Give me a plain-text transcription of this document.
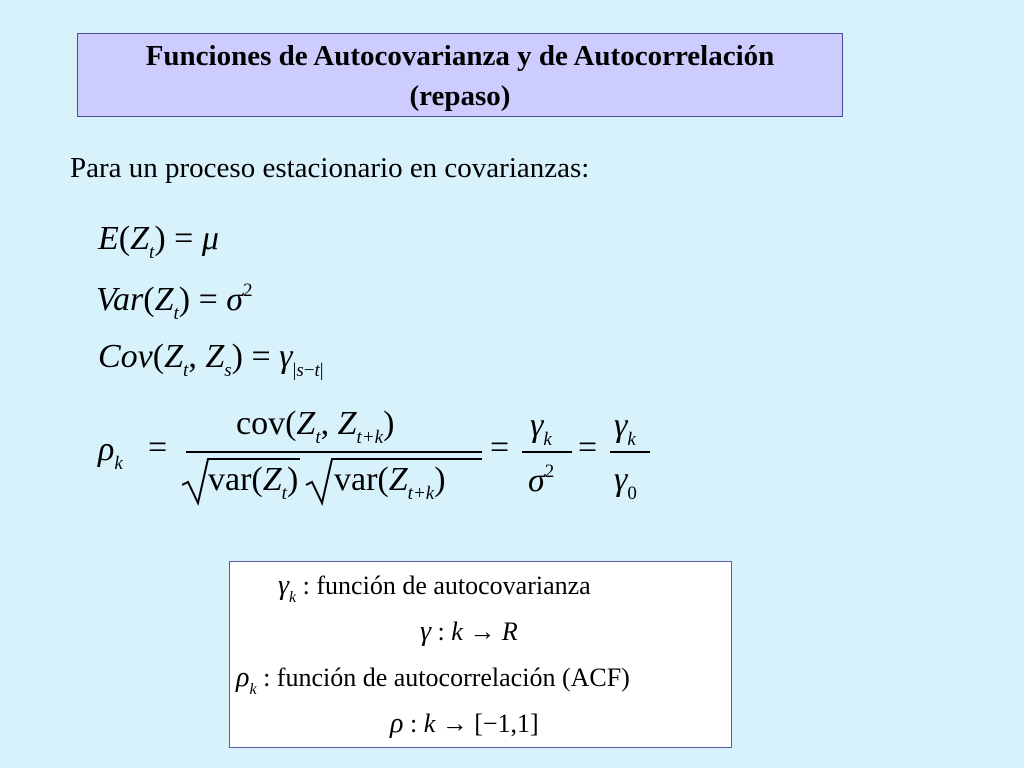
Funciones de Autocovarianza y de Autocorrelación
(repaso)
Para un proceso estacionario en covarianzas:
$E(Z_t) = \mu$
$Var(Z_t) = \sigma^2$
$Cov(Z_t$, $Z_s) = \gamma_{|s-t|}$
$\rho_k$ =
$cov(Z_t$, $Z_{t+k}$)
$var(Z_t)$ $var(Z_{t+k})$
=
$\gamma_k$
$\sigma^2$
=
$\gamma_k$
$\gamma_0$
$\gamma_k$ : función de autocovarianza
γ : k → R
$\rho_k$ : función de autocorrelación (ACF)
ρ : k → [−1,1]
